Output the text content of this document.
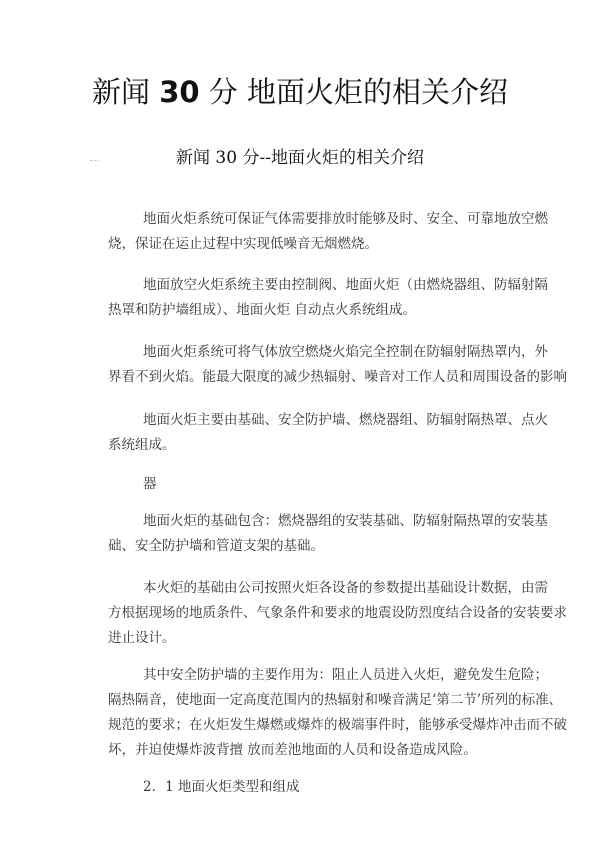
新闻 30 分 地面火炬的相关介绍
新闻 30 分--地面火炬的相关介绍
地面火炬系统可保证气体需要排放时能够及时、安全、可靠地放空燃
烧，保证在运止过程中实现低噪音无烟燃烧。
地面放空火炬系统主要由控制阀、地面火炬（由燃烧器组、防辐射隔
热罩和防护墙组成）、地面火炬 自动点火系统组成。
地面火炬系统可将气体放空燃烧火焰完全控制在防辐射隔热罩内，外
界看不到火焰。能最大限度的减少热辐射、噪音对工作人员和周围设备的影响
地面火炬主要由基础、安全防护墙、燃烧器组、防辐射隔热罩、点火
系统组成。
器
地面火炬的基础包含：燃烧器组的安装基础、防辐射隔热罩的安装基
础、安全防护墙和管道支架的基础。
本火炬的基础由公司按照火炬各设备的参数提出基础设计数据，由需
方根据现场的地质条件、气象条件和要求的地震设防烈度结合设备的安装要求
进止设计。
其中安全防护墙的主要作用为：阻止人员进入火炬，避免发生危险；
隔热隔音，使地面一定高度范围内的热辐射和噪音满足‘第二节’所列的标准、
规范的要求；在火炬发生爆燃或爆炸的极端事件时，能够承受爆炸冲击而不破
坏，并迫使爆炸波背擅 放而差池地面的人员和设备造成风险。
2．1 地面火炬类型和组成
